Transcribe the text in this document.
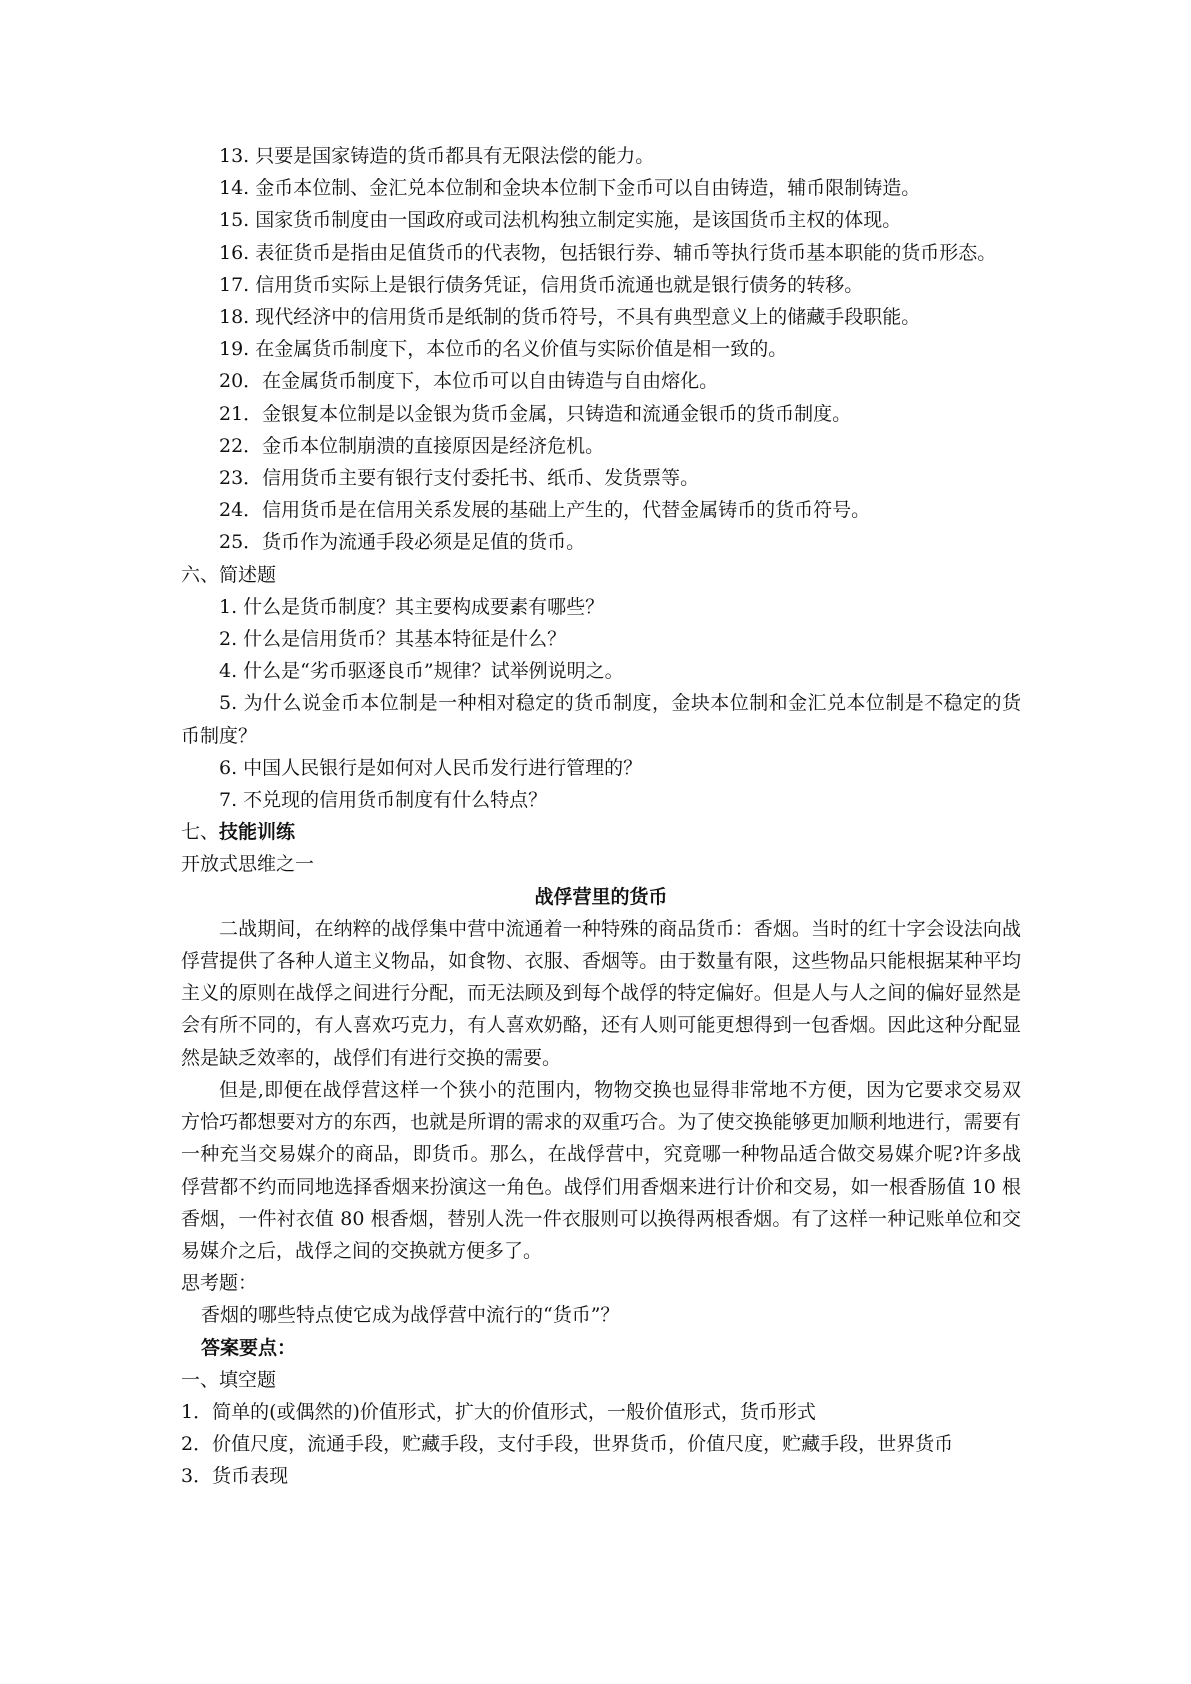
13. 只要是国家铸造的货币都具有无限法偿的能力。

14. 金币本位制、金汇兑本位制和金块本位制下金币可以自由铸造，辅币限制铸造。

15. 国家货币制度由一国政府或司法机构独立制定实施，是该国货币主权的体现。

16. 表征货币是指由足值货币的代表物，包括银行券、辅币等执行货币基本职能的货币形态。

17. 信用货币实际上是银行债务凭证，信用货币流通也就是银行债务的转移。

18. 现代经济中的信用货币是纸制的货币符号，不具有典型意义上的储藏手段职能。

19. 在金属货币制度下，本位币的名义价值与实际价值是相一致的。

20．在金属货币制度下，本位币可以自由铸造与自由熔化。

21．金银复本位制是以金银为货币金属，只铸造和流通金银币的货币制度。

22．金币本位制崩溃的直接原因是经济危机。

23．信用货币主要有银行支付委托书、纸币、发货票等。

24．信用货币是在信用关系发展的基础上产生的，代替金属铸币的货币符号。

25．货币作为流通手段必须是足值的货币。

六、简述题

1. 什么是货币制度？其主要构成要素有哪些？

2. 什么是信用货币？其基本特征是什么？

4. 什么是“劣币驱逐良币”规律？试举例说明之。

5. 为什么说金币本位制是一种相对稳定的货币制度，金块本位制和金汇兑本位制是不稳定的货币制度？

6. 中国人民银行是如何对人民币发行进行管理的？

7. 不兑现的信用货币制度有什么特点？

七、技能训练

开放式思维之一

战俘营里的货币

二战期间，在纳粹的战俘集中营中流通着一种特殊的商品货币：香烟。当时的红十字会设法向战俘营提供了各种人道主义物品，如食物、衣服、香烟等。由于数量有限，这些物品只能根据某种平均主义的原则在战俘之间进行分配，而无法顾及到每个战俘的特定偏好。但是人与人之间的偏好显然是会有所不同的，有人喜欢巧克力，有人喜欢奶酪，还有人则可能更想得到一包香烟。因此这种分配显然是缺乏效率的，战俘们有进行交换的需要。

但是,即便在战俘营这样一个狭小的范围内，物物交换也显得非常地不方便，因为它要求交易双方恰巧都想要对方的东西，也就是所谓的需求的双重巧合。为了使交换能够更加顺利地进行，需要有一种充当交易媒介的商品，即货币。那么，在战俘营中，究竟哪一种物品适合做交易媒介呢?许多战俘营都不约而同地选择香烟来扮演这一角色。战俘们用香烟来进行计价和交易，如一根香肠值 10 根香烟，一件衬衣值 80 根香烟，替别人洗一件衣服则可以换得两根香烟。有了这样一种记账单位和交易媒介之后，战俘之间的交换就方便多了。

思考题：

香烟的哪些特点使它成为战俘营中流行的“货币”？

答案要点：

一、填空题

1．简单的(或偶然的)价值形式，扩大的价值形式，一般价值形式，货币形式

2．价值尺度，流通手段，贮藏手段，支付手段，世界货币，价值尺度，贮藏手段，世界货币

3．货币表现
